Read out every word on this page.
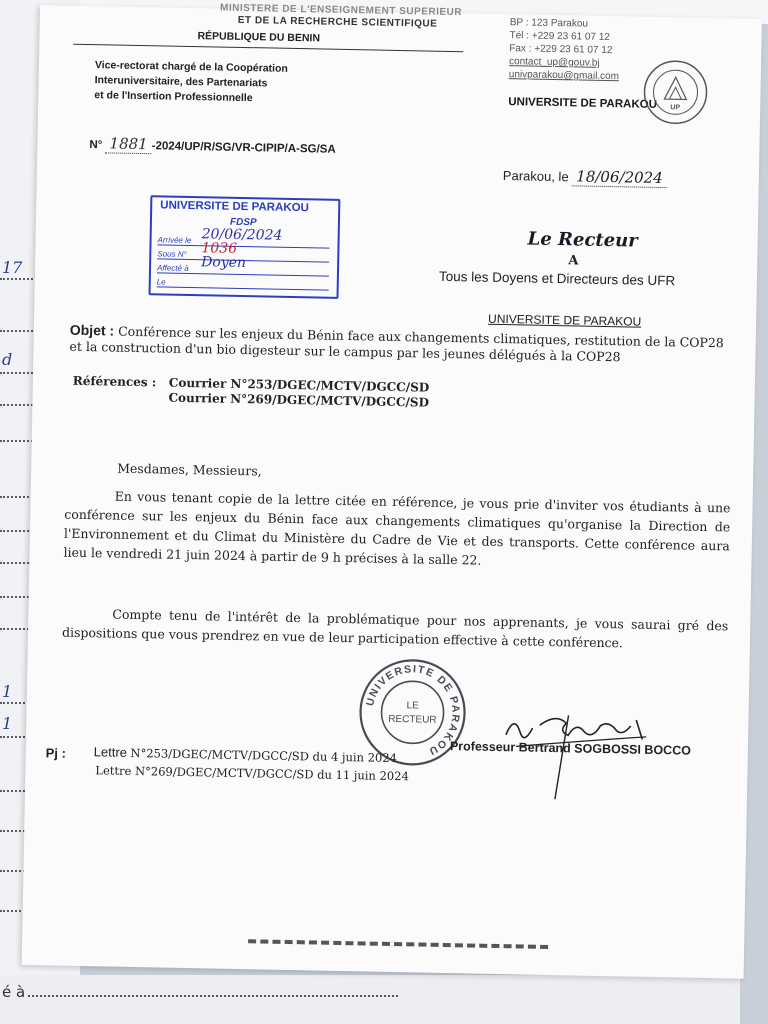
17
d
1
1
é à
MINISTERE DE L'ENSEIGNEMENT SUPERIEUR
ET DE LA RECHERCHE SCIENTIFIQUE
RÉPUBLIQUE DU BENIN
Vice-rectorat chargé de la Coopération
Interuniversitaire, des Partenariats
et de l'Insertion Professionnelle
BP : 123 Parakou
Tél : +229 23 61 07 12
Fax : +229 23 61 07 12
contact_up@gouv.bj
univparakou@gmail.com
UNIVERSITE DE PARAKOU UP
N° 1881 -2024/UP/R/SG/VR-CIPIP/A-SG/SA
Parakou, le 18/06/2024
UNIVERSITE DE PARAKOU
FDSP
Arrivée le 20/06/2024
Sous N°	1036
Affecté à Doyen
Le
Le Recteur
A
Tous les Doyens et Directeurs des UFR
UNIVERSITE DE PARAKOU
Objet : Conférence sur les enjeux du Bénin face aux changements climatiques, restitution de la COP28 et la construction d'un bio digesteur sur le campus par les jeunes délégués à la COP28
Références : Courrier N°253/DGEC/MCTV/DGCC/SD
Courrier N°269/DGEC/MCTV/DGCC/SD
Mesdames, Messieurs,
En vous tenant copie de la lettre citée en référence, je vous prie d'inviter vos étudiants à une conférence sur les enjeux du Bénin face aux changements climatiques qu'organise la Direction de l'Environnement et du Climat du Ministère du Cadre de Vie et des transports. Cette conférence aura lieu le vendredi 21 juin 2024 à partir de 9 h précises à la salle 22.
Compte tenu de l'intérêt de la problématique pour nos apprenants, je vous saurai gré des dispositions que vous prendrez en vue de leur participation effective à cette conférence.
UNIVERSITE DE PARAKOU
LE
RECTEUR
Professeur Bertrand SOGBOSSI BOCCO
Pj : Lettre N°253/DGEC/MCTV/DGCC/SD du 4 juin 2024
Lettre N°269/DGEC/MCTV/DGCC/SD du 11 juin 2024
